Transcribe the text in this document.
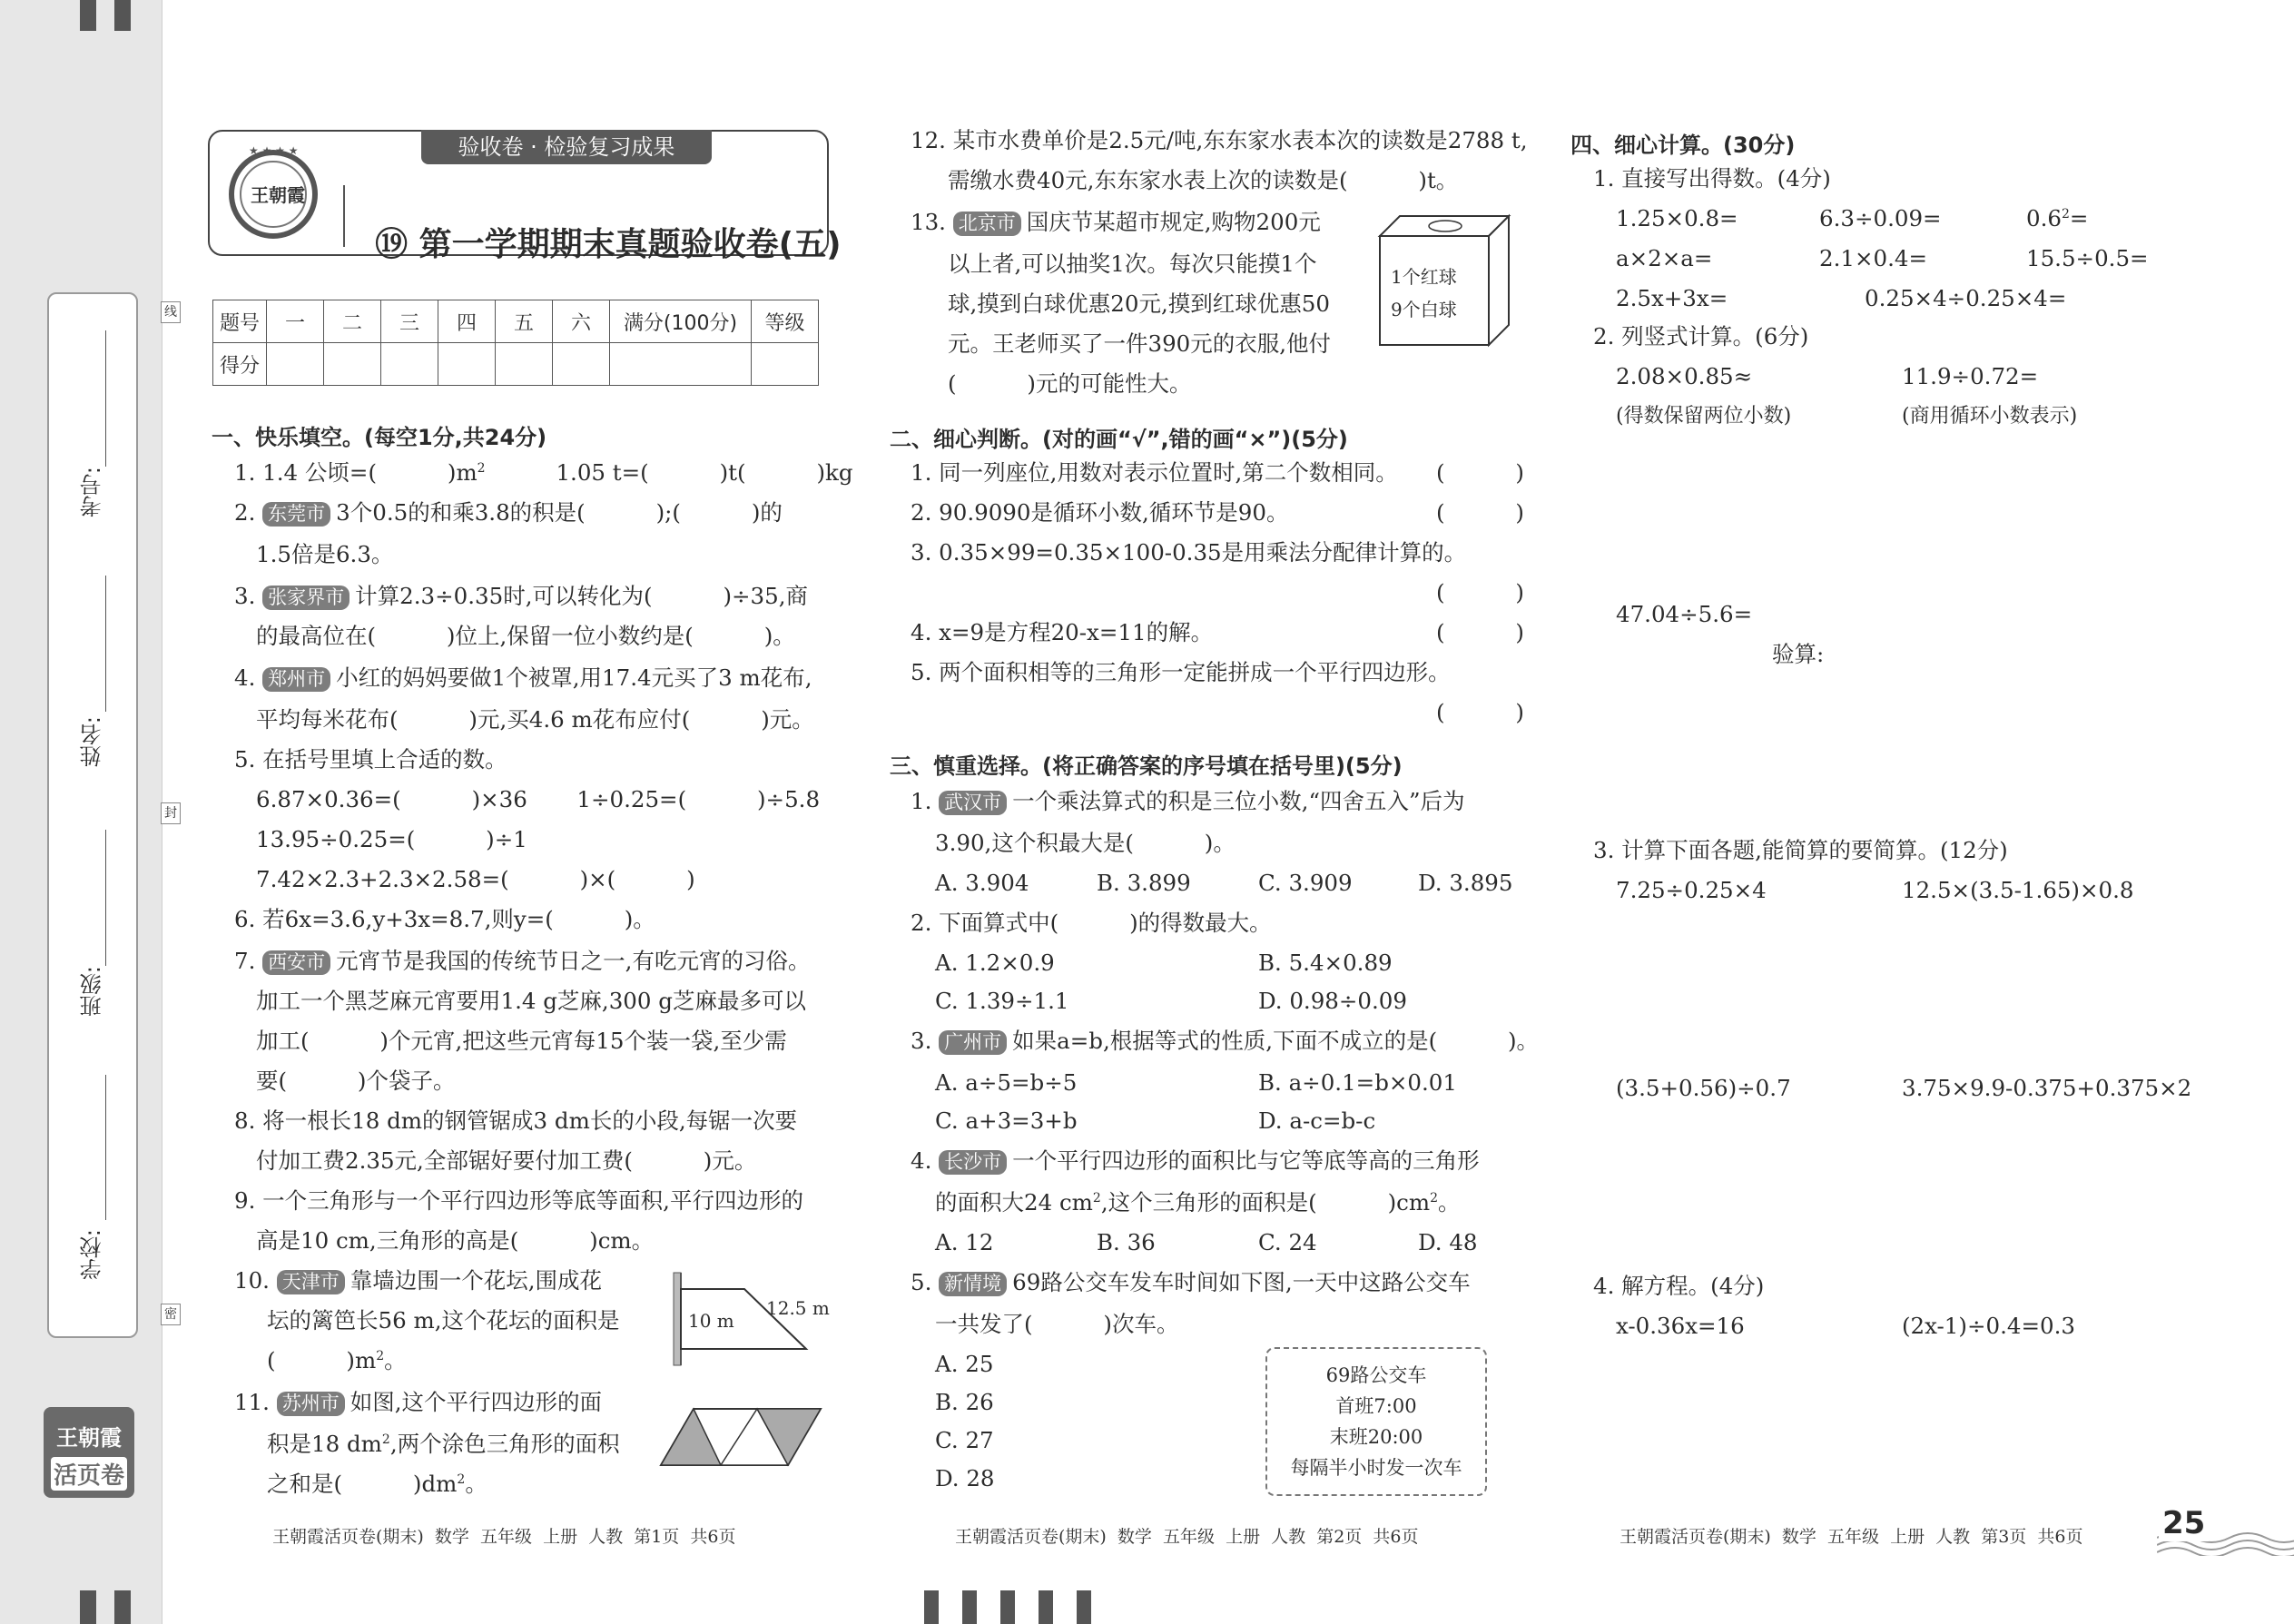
学校:
班级:
姓名:
考号:
线
封
密
王朝霞
活页卷
验收卷 · 检验复习成果
★ ★ ★ ★
王朝霞

⑲ 第一学期期末真题验收卷(五)

题号	一	二	三	四	五	六	满分(100分)	等级
得分								
一、快乐填空。(每空1分,共24分)
1. 1.4 公顷=(          )$m^2$          1.05 t=(          )t(          )kg
2. 东莞市 3个0.5的和乘3.8的积是(          );(          )的
1.5倍是6.3。
3. 张家界市 计算2.3÷0.35时,可以转化为(          )÷35,商
的最高位在(          )位上,保留一位小数约是(          )。
4. 郑州市 小红的妈妈要做1个被罩,用17.4元买了3 m花布,
平均每米花布(          )元,买4.6 m花布应付(          )元。
5. 在括号里填上合适的数。
6.87×0.36=(          )×36       1÷0.25=(          )÷5.8
13.95÷0.25=(          )÷1
7.42×2.3+2.3×2.58=(          )×(          )
6. 若6x=3.6,y+3x=8.7,则y=(          )。
7. 西安市 元宵节是我国的传统节日之一,有吃元宵的习俗。
加工一个黑芝麻元宵要用1.4 g芝麻,300 g芝麻最多可以
加工(          )个元宵,把这些元宵每15个装一袋,至少需
要(          )个袋子。
8. 将一根长18 dm的钢管锯成3 dm长的小段,每锯一次要
付加工费2.35元,全部锯好要付加工费(          )元。
9. 一个三角形与一个平行四边形等底等面积,平行四边形的
高是10 cm,三角形的高是(          )cm。
10. 天津市 靠墙边围一个花坛,围成花
坛的篱笆长56 m,这个花坛的面积是
(          )$m^2$。
10 m
12.5 m
11. 苏州市 如图,这个平行四边形的面
积是18 $dm^2$,两个涂色三角形的面积
之和是(          )$dm^2$。
王朝霞活页卷(期末)  数学  五年级  上册  人教  第1页  共6页
12. 某市水费单价是2.5元/吨,东东家水表本次的读数是2788 t,
需缴水费40元,东东家水表上次的读数是(          )t。
13. 北京市 国庆节某超市规定,购物200元
以上者,可以抽奖1次。每次只能摸1个
球,摸到白球优惠20元,摸到红球优惠50
元。王老师买了一件390元的衣服,他付
(          )元的可能性大。
1个红球
9个白球
二、细心判断。(对的画“√”,错的画“×”)(5分)
1. 同一列座位,用数对表示位置时,第二个数相同。 (          )
2. 90.9090是循环小数,循环节是90。	(          )
3. 0.35×99=0.35×100-0.35是用乘法分配律计算的。
(          )
4. x=9是方程20-x=11的解。	(          )
5. 两个面积相等的三角形一定能拼成一个平行四边形。
(          )
三、慎重选择。(将正确答案的序号填在括号里)(5分)
1. 武汉市 一个乘法算式的积是三位小数,“四舍五入”后为
3.90,这个积最大是(          )。
A. 3.904	B. 3.899	C. 3.909	D. 3.895
2. 下面算式中(          )的得数最大。
A. 1.2×0.9	B. 5.4×0.89
C. 1.39÷1.1	D. 0.98÷0.09
3. 广州市 如果a=b,根据等式的性质,下面不成立的是(          )。
A. a÷5=b÷5	B. a÷0.1=b×0.01
C. a+3=3+b	D. a-c=b-c
4. 长沙市 一个平行四边形的面积比与它等底等高的三角形
的面积大24 $cm^2$,这个三角形的面积是(          )$cm^2$。
A. 12	B. 36	C. 24	D. 48
5. 新情境 69路公交车发车时间如下图,一天中这路公交车
一共发了(          )次车。
A. 25
B. 26
C. 27
D. 28
69路公交车
首班7:00
末班20:00
每隔半小时发一次车
王朝霞活页卷(期末)  数学  五年级  上册  人教  第2页  共6页
四、细心计算。(30分)
1. 直接写出得数。(4分)
1.25×0.8=	6.3÷0.09=	$0.6^2=$
a×2×a=	2.1×0.4=	15.5÷0.5=
2.5x+3x=	0.25×4÷0.25×4=
2. 列竖式计算。(6分)
2.08×0.85≈	11.9÷0.72=
(得数保留两位小数)	(商用循环小数表示)
47.04÷5.6=
验算:
3. 计算下面各题,能简算的要简算。(12分)
7.25÷0.25×4	12.5×(3.5-1.65)×0.8
(3.5+0.56)÷0.7	3.75×9.9-0.375+0.375×2
4. 解方程。(4分)
x-0.36x=16	(2x-1)÷0.4=0.3
王朝霞活页卷(期末)  数学  五年级  上册  人教  第3页  共6页	25
